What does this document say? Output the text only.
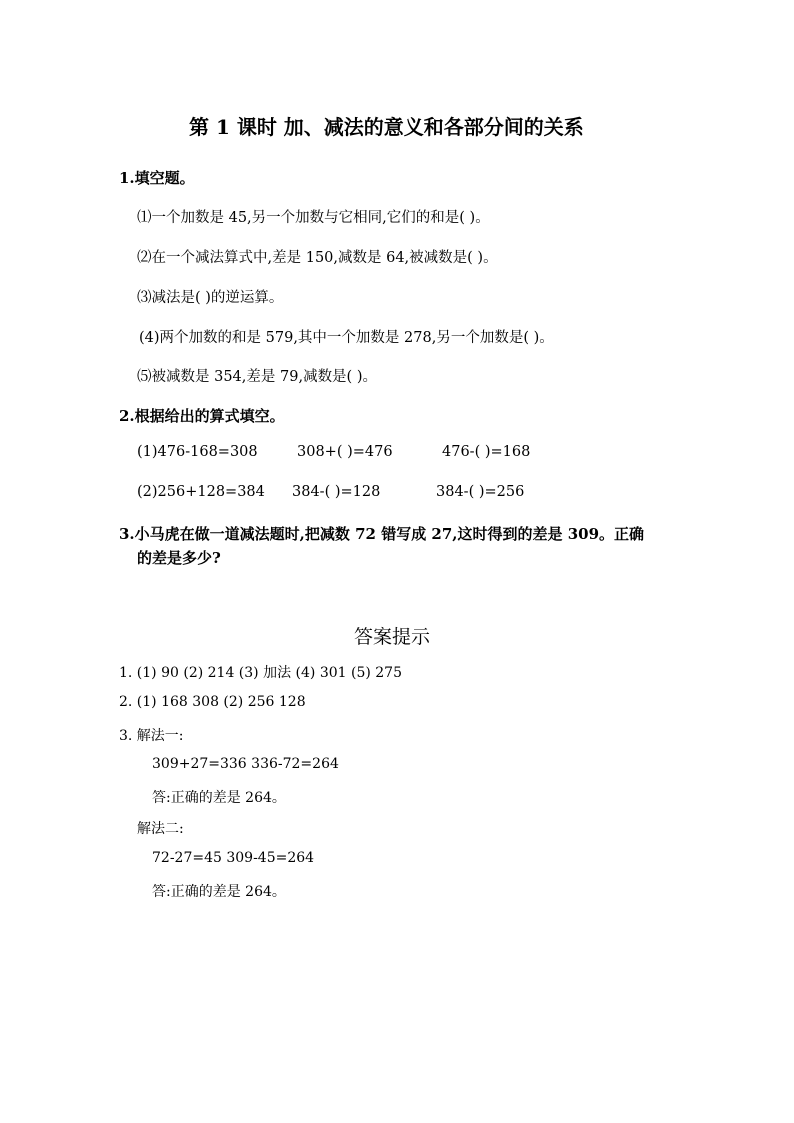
第 1 课时 加、减法的意义和各部分间的关系
1.填空题。
⑴一个加数是 45,另一个加数与它相同,它们的和是( )。
⑵在一个减法算式中,差是 150,减数是 64,被减数是( )。
⑶减法是( )的逆运算。
(4)两个加数的和是 579,其中一个加数是 278,另一个加数是( )。
⑸被减数是 354,差是 79,减数是( )。
2.根据给出的算式填空。
(1)476-168=308	308+( )=476	476-( )=168
(2)256+128=384 384-( )=128	384-( )=256
3.小马虎在做一道减法题时,把减数 72 错写成 27,这时得到的差是 309。正确
的差是多少?
答案提示
1. (1) 90 (2) 214 (3) 加法 (4) 301 (5) 275
2. (1) 168 308 (2) 256 128
3. 解法一:
309+27=336 336-72=264
答:正确的差是 264。
解法二:
72-27=45 309-45=264
答:正确的差是 264。
